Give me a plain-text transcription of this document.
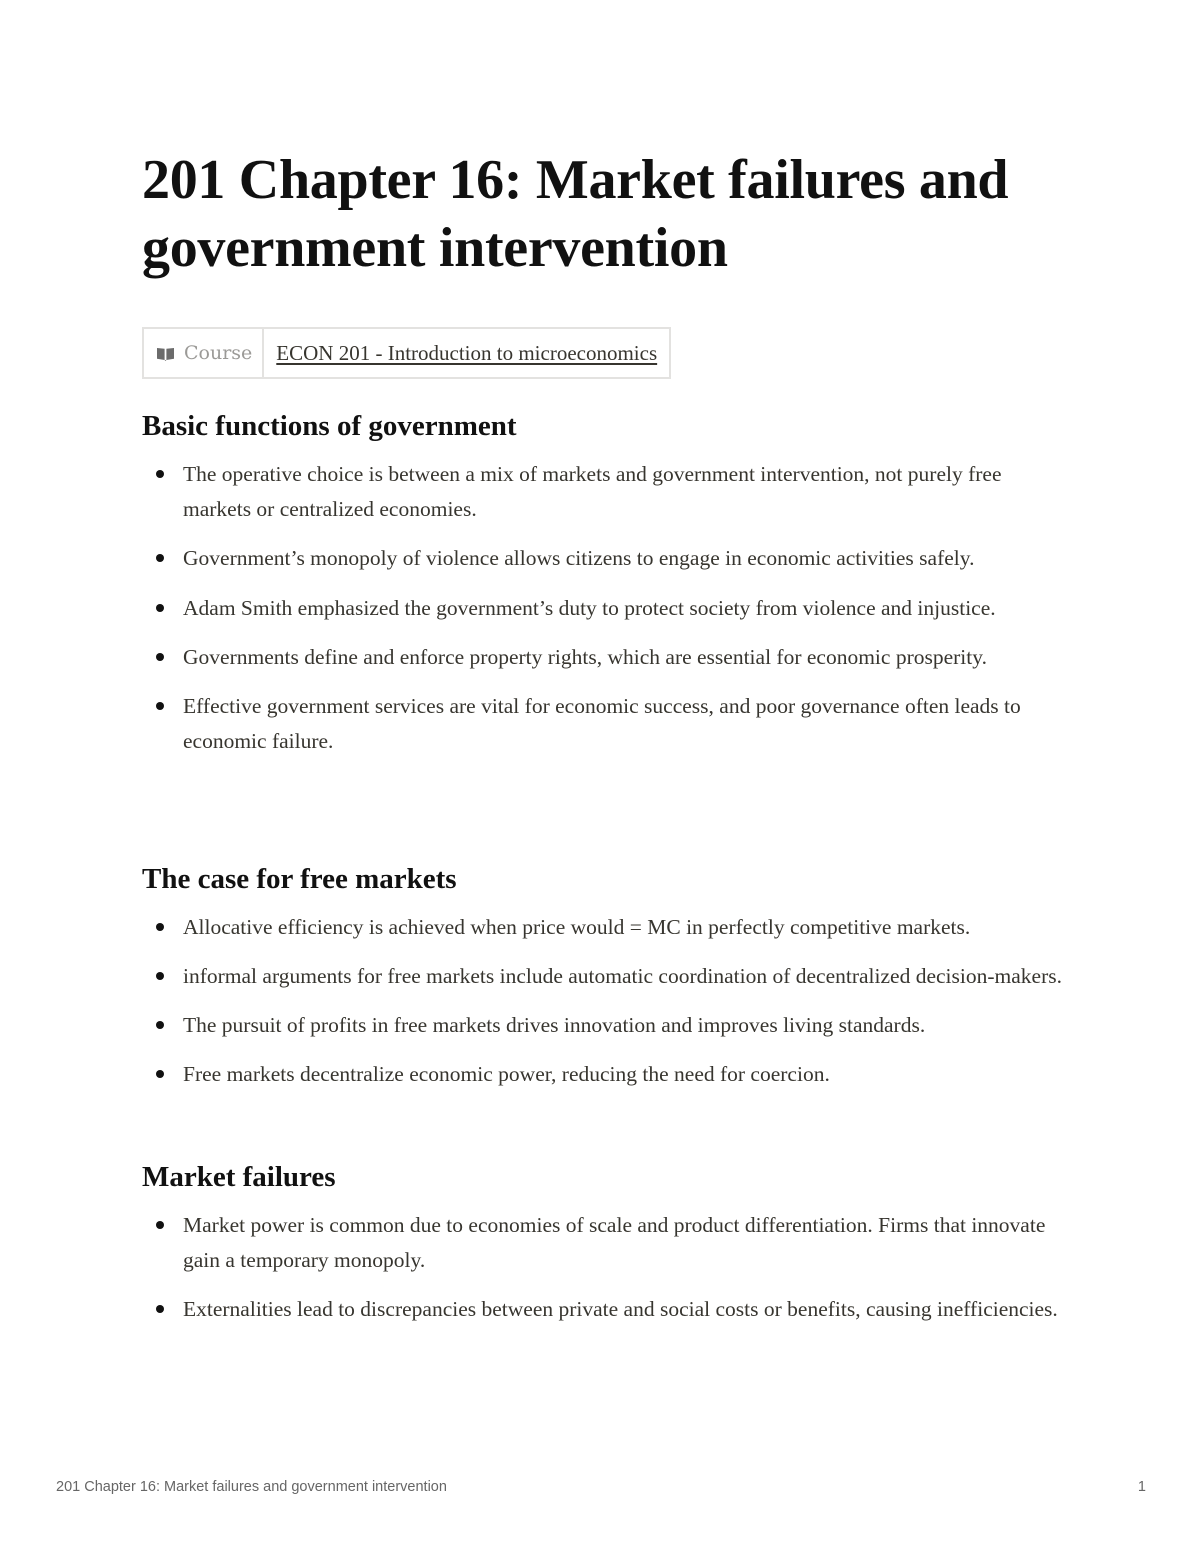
201 Chapter 16: Market failures and government intervention
Course	ECON 201 - Introduction to microeconomics
Basic functions of government
The operative choice is between a mix of markets and government intervention, not purely free markets or centralized economies.
Government’s monopoly of violence allows citizens to engage in economic activities safely.
Adam Smith emphasized the government’s duty to protect society from violence and injustice.
Governments define and enforce property rights, which are essential for economic prosperity.
Effective government services are vital for economic success, and poor governance often leads to economic failure.
The case for free markets
Allocative efficiency is achieved when price would = MC in perfectly competitive markets.
informal arguments for free markets include automatic coordination of decentralized decision-makers.
The pursuit of profits in free markets drives innovation and improves living standards.
Free markets decentralize economic power, reducing the need for coercion.
Market failures
Market power is common due to economies of scale and product differentiation. Firms that innovate gain a temporary monopoly.
Externalities lead to discrepancies between private and social costs or benefits, causing inefficiencies.
201 Chapter 16: Market failures and government intervention	1
